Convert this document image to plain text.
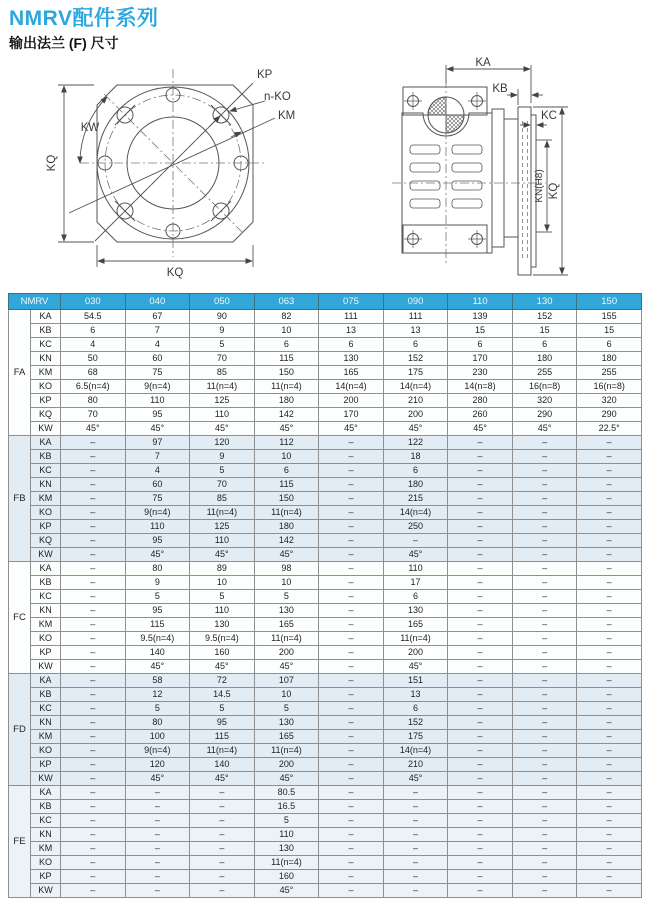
NMRV配件系列
输出法兰 (F) 尺寸
KP
n-KO
KM
KW
KQ
KQ
KA
KB
KC
KN(H8) KQ
NMRV		030	040	050	063	075	090	110	130	150
FA	KA	54.5	67	90	82	111	111	139	152	155
	KB	6	7	9	10	13	13	15	15	15
	KC	4	4	5	6	6	6	6	6	6
	KN	50	60	70	115	130	152	170	180	180
	KM	68	75	85	150	165	175	230	255	255
	KO	6.5(n=4)	9(n=4)	11(n=4)	11(n=4)	14(n=4)	14(n=4)	14(n=8)	16(n=8)	16(n=8)
	KP	80	110	125	180	200	210	280	320	320
	KQ	70	95	110	142	170	200	260	290	290
	KW	45°	45°	45°	45°	45°	45°	45°	45°	22.5°
FB	KA	–	97	120	112	–	122	–	–	–
	KB	–	7	9	10	–	18	–	–	–
	KC	–	4	5	6	–	6	–	–	–
	KN	–	60	70	115	–	180	–	–	–
	KM	–	75	85	150	–	215	–	–	–
	KO	–	9(n=4)	11(n=4)	11(n=4)	–	14(n=4)	–	–	–
	KP	–	110	125	180	–	250	–	–	–
	KQ	–	95	110	142	–	–	–	–	–
	KW	–	45°	45°	45°	–	45°	–	–	–
FC	KA	–	80	89	98	–	110	–	–	–
	KB	–	9	10	10	–	17	–	–	–
	KC	–	5	5	5	–	6	–	–	–
	KN	–	95	110	130	–	130	–	–	–
	KM	–	115	130	165	–	165	–	–	–
	KO	–	9.5(n=4)	9.5(n=4)	11(n=4)	–	11(n=4)	–	–	–
	KP	–	140	160	200	–	200	–	–	–
	KW	–	45°	45°	45°	–	45°	–	–	–
FD	KA	–	58	72	107	–	151	–	–	–
	KB	–	12	14.5	10	–	13	–	–	–
	KC	–	5	5	5	–	6	–	–	–
	KN	–	80	95	130	–	152	–	–	–
	KM	–	100	115	165	–	175	–	–	–
	KO	–	9(n=4)	11(n=4)	11(n=4)	–	14(n=4)	–	–	–
	KP	–	120	140	200	–	210	–	–	–
	KW	–	45°	45°	45°	–	45°	–	–	–
FE	KA	–	–	–	80.5	–	–	–	–	–
	KB	–	–	–	16.5	–	–	–	–	–
	KC	–	–	–	5	–	–	–	–	–
	KN	–	–	–	110	–	–	–	–	–
	KM	–	–	–	130	–	–	–	–	–
	KO	–	–	–	11(n=4)	–	–	–	–	–
	KP	–	–	–	160	–	–	–	–	–
	KW	–	–	–	45°	–	–	–	–	–
